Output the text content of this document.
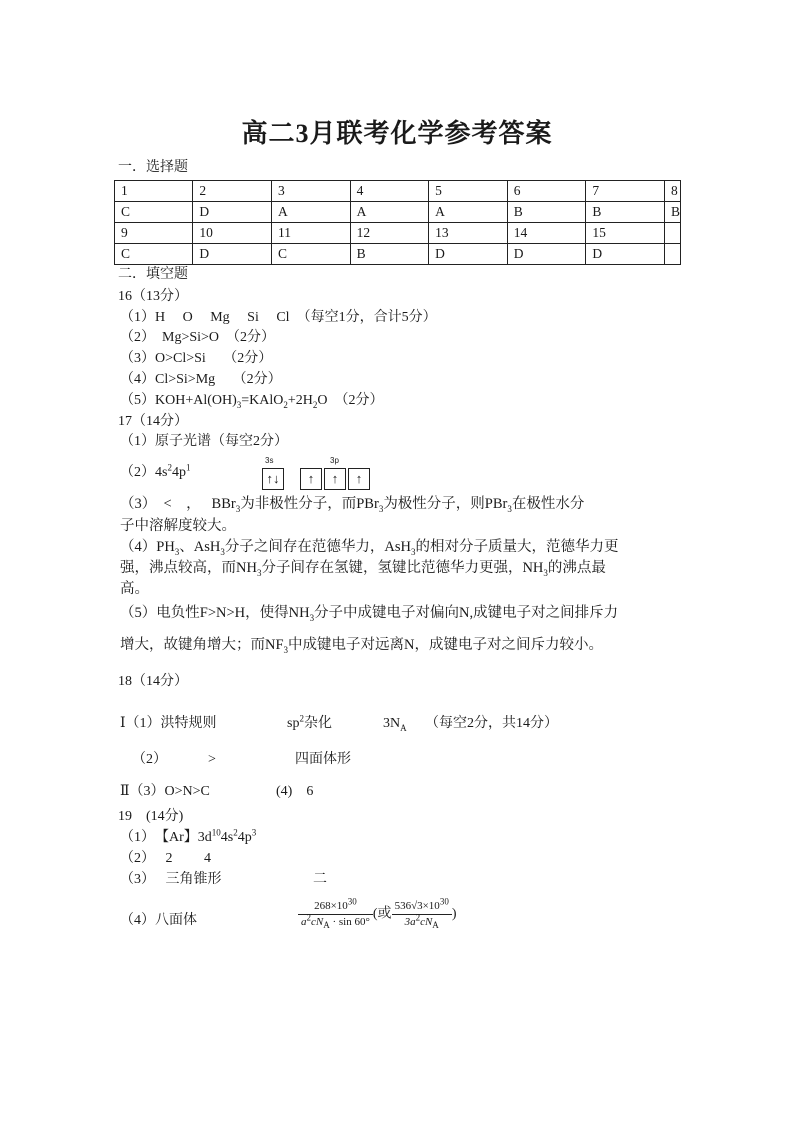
高二3月联考化学参考答案
一．选择题
1	2	3	4	5	6	7	8
C	D	A	A	A	B	B	B
9	10	11	12	13	14	15	
C	D	C	B	D	D	D	
二．填空题
16（13分）
（1）H　 O　 Mg　 Si　 Cl　（每空1分，合计5分）
（2）　Mg>Si>O　（2分）
（3）O>Cl>Si　 （2分）
（4）Cl>Si>Mg　 （2分）
$(5)KOH+Al(OH)_3=KAlO_2+2H_2O$　（2分）
17（14分）
（1）原子光谱（每空2分）
$(2)4s^24p^1$
3s	3p
↑↓	↑	↑	↑
（3）　<　，　 BBr$_3$为非极性分子，而PBr$_3$为极性分子，则PBr$_3$在极性水分
子中溶解度较大。
$(4)PH_3$、AsH$_3$分子之间存在范德华力，AsH$_3$的相对分子质量大，范德华力更
强，沸点较高，而$NH_3$分子间存在氢键，氢键比范德华力更强，$NH_3$的沸点最
高。
（5）电负性F>N>H，使得$NH_3$分子中成键电子对偏向N,成键电子对之间排斥力
增大，故键角增大；而$NF_3$中成键电子对远离N，成键电子对之间斥力较小。
18（14分）
Ⅰ（1）洪特规则	$sp^2$杂化	$3N_A$ （每空2分，共14分）
（2）	>	四面体形
Ⅱ（3）O>N>C	(4)　6
19　(14分)
（1）　【Ar】$3d^{10}4s^24p^3$
（2）　 2　　 4
（3）　 三角锥形	二
（4）八面体	$\frac{268\times 10^{30}}{a^2cN_A \cdot \sin 60^\circ}$ (或 $\frac{536√3\times 10^{30}}{3a^2cN_A}$ )
